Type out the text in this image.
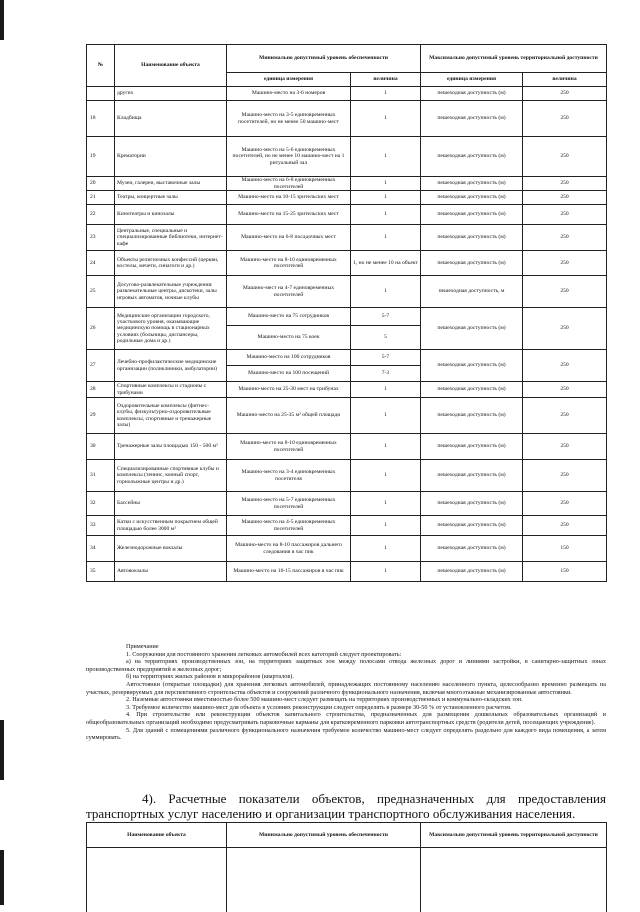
№	Наименование объекта	Минимально допустимый уровень обеспеченности		Максимально допустимый уровень территориальной доступности	
		единица измерения	величина	единица измерения	величина
	других	Машино-место на 3-6 номеров	1	пешеходная доступность (м)	250
18	Кладбища	Машино-место на 3-5 единовременных посетителей, но не менее 50 машино-мест	1	пешеходная доступность (м)	250
19	Крематории	Машино-место на 5-6 единовременных посетителей, но не менее 10 машино-мест на 1 ритуальный зал	1	пешеходная доступность (м)	250
20	Музеи, галереи, выставочные залы	Машино-место на 6-8 единовременных посетителей	1	пешеходная доступность (м)	250
21	Театры, концертные залы	Машино-место на 10-15 зрительских мест	1	пешеходная доступность (м)	250
22	Кинотеатры и кинозалы	Машино-место на 15-25 зрительских мест	1	пешеходная доступность (м)	250
23	Центральные, специальные и специализированные библиотеки, интернет-кафе	Машино-место на 6-8 посадочных мест	1	пешеходная доступность (м)	250
24	Объекты религиозных конфессий (церкви, костелы, мечети, синагоги и др.)	Машино-место на 8-10 единовременных посетителей	1, но не менее 10 на объект	пешеходная доступность (м)	250
25	Досугово-развлекательные учреждения: развлекательные центры, дискотеки, залы игровых автоматов, ночные клубы	Машино-мест на 4-7 единовременных посетителей	1	пешеходная доступность, м	250
26	Медицинские организации городского, участкового уровня, оказывающие медицинскую помощь в стационарных условиях (больницы, диспансеры, родильные дома и др.)	Машино-место на 75 сотрудников	5-7	пешеходная доступность (м)	250
		Машино-место на 75 коек	5		
27	Лечебно-профилактические медицинские организации (поликлиники, амбулатории)	Машино-место на 100 сотрудников	5-7	пешеходная доступность (м)	250
		Машино-место на 100 посещений	7-3		
28	Спортивные комплексы и стадионы с трибунами	Машино-место на 25-30 мест на трибунах	1	пешеходная доступность (м)	250
29	Оздоровительные комплексы (фитнес-клубы, физкультурно-оздоровительные комплексы, спортивные и тренажерные залы)	Машино-место на 25-35 м² общей площади	1	пешеходная доступность (м)	250
30	Тренажерные залы площадью 150 - 500 м²	Машино-место на 8-10 единовременных посетителей	1	пешеходная доступность (м)	250
31	Специализированные спортивные клубы и комплексы (теннис, конный спорт, горнолыжные центры и др.)	Машино-место на 3-4 единовременных посетителя	1	пешеходная доступность (м)	250
32	Бассейны	Машино-место на 5-7 единовременных посетителей	1	пешеходная доступность (м)	250
33	Катки с искусственным покрытием общей площадью более 3000 м²	Машино-место на 4-5 единовременных посетителей	1	пешеходная доступность (м)	250
34	Железнодорожные вокзалы	Машино-место на 8-10 пассажиров дальнего следования в час пик	1	пешеходная доступность (м)	150
35	Автовокзалы	Машино-место на 10-15 пассажиров в час пик	1	пешеходная доступность (м)	150

Примечание

1. Сооружения для постоянного хранения легковых автомобилей всех категорий следует проектировать:

а) на территориях производственных зон, на территориях защитных зон между полосами отвода железных дорог и линиями застройки, в санитарно-защитных зонах производственных предприятий и железных дорог;

б) на территориях жилых районов и микрорайонов (кварталов).

Автостоянки (открытые площадки) для хранения легковых автомобилей, принадлежащих постоянному населению населенного пункта, целесообразно временно размещать на участках, резервируемых для перспективного строительства объектов и сооружений различного функционального назначения, включая многоэтажные механизированные автостоянки.

2. Наземные автостоянки вместимостью более 500 машино-мест следует размещать на территориях производственных и коммунально-складских зон.

3. Требуемое количество машино-мест для объекта в условиях реконструкции следует определять в размере 30-50 % от установленного расчетом.

4. При строительстве или реконструкции объектов капитального строительства, предназначенных для размещения дошкольных образовательных организаций и общеобразовательных организаций необходимо предусматривать парковочные карманы для кратковременного парковки автотранспортных средств (родители детей, посещающих учреждение).

5. Для зданий с помещениями различного функционального назначения требуемое количество машино-мест следует определять раздельно для каждого вида помещения, а затем суммировать.

4). Расчетные показатели объектов, предназначенных для предоставления
транспортных услуг населению и организации транспортного обслуживания населения.
Наименование объекта	Минимально допустимый уровень обеспеченности	Максимально допустимый уровень территориальной доступности
